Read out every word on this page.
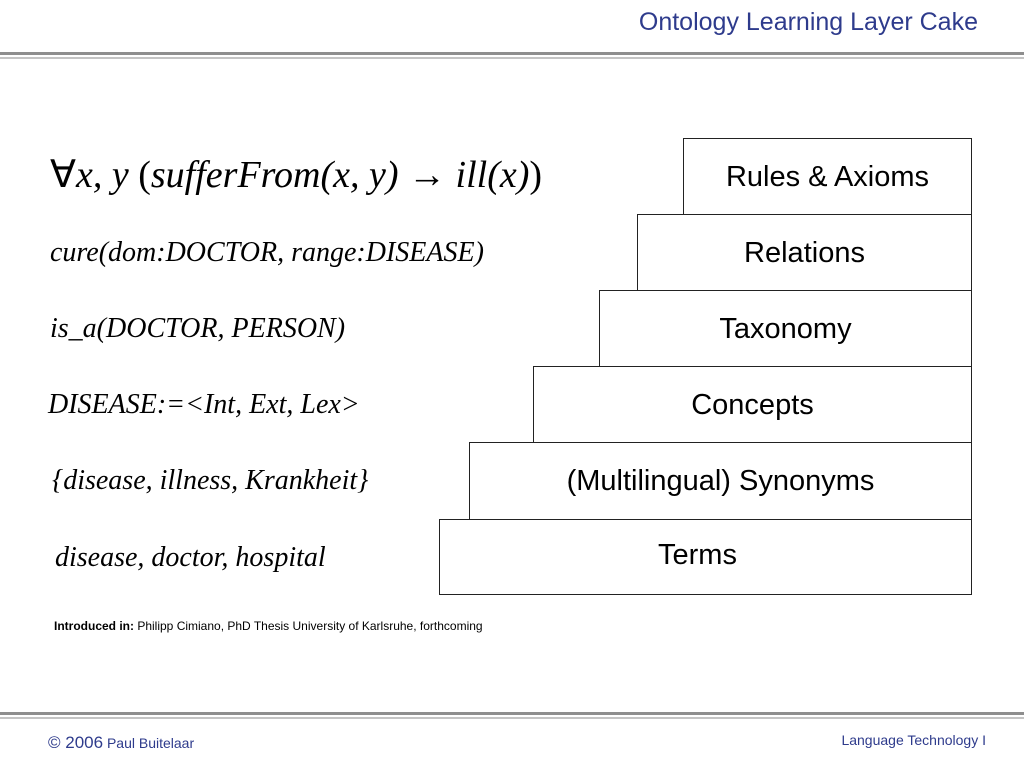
Ontology Learning Layer Cake
Rules & Axioms
Relations
Taxonomy
Concepts
(Multilingual) Synonyms
Terms
∀x, y (sufferFrom(x, y) → ill(x))
cure(dom:DOCTOR, range:DISEASE)
is_a(DOCTOR, PERSON)
DISEASE:=<Int, Ext, Lex>
{disease, illness, Krankheit}
disease, doctor, hospital
Introduced in: Philipp Cimiano, PhD Thesis University of Karlsruhe, forthcoming
© 2006 Paul Buitelaar	Language Technology I
